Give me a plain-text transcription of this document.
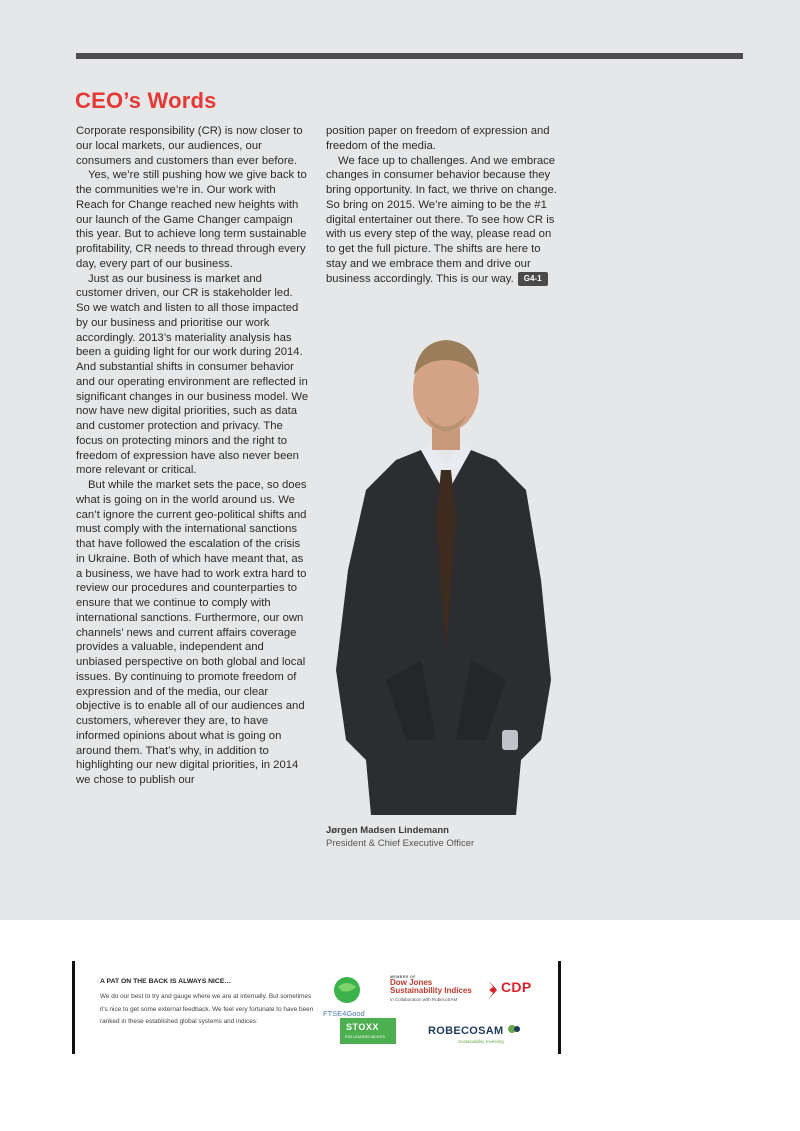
CEO’s Words

Corporate responsibility (CR) is now closer to our local markets, our audiences, our consumers and customers than ever before.

Yes, we’re still pushing how we give back to the communities we’re in. Our work with Reach for Change reached new heights with our launch of the Game Changer campaign this year. But to achieve long term sustainable profitability, CR needs to thread through every day, every part of our business.

Just as our business is market and customer driven, our CR is stakeholder led. So we watch and listen to all those impacted by our business and prioritise our work accordingly. 2013’s materiality analysis has been a guiding light for our work during 2014. And substantial shifts in consumer behavior and our operating environment are reflected in significant changes in our business model. We now have new digital priorities, such as data and customer protection and privacy. The focus on protecting minors and the right to freedom of expression have also never been more relevant or critical.

But while the market sets the pace, so does what is going on in the world around us. We can’t ignore the current geo-political shifts and must comply with the international sanctions that have followed the escalation of the crisis in Ukraine. Both of which have meant that, as a business, we have had to work extra hard to review our procedures and counterparties to ensure that we continue to comply with international sanctions. Furthermore, our own channels’ news and current affairs coverage provides a valuable, independent and unbiased perspective on both global and local issues. By continuing to promote freedom of expression and of the media, our clear objective is to enable all of our audiences and customers, wherever they are, to have informed opinions about what is going on around them. That’s why, in addition to highlighting our new digital priorities, in 2014 we chose to publish our

position paper on freedom of expression and freedom of the media.

We face up to challenges. And we embrace changes in consumer behavior because they bring opportunity. In fact, we thrive on change. So bring on 2015. We’re aiming to be the #1 digital entertainer out there. To see how CR is with us every step of the way, please read on to get the full picture. The shifts are here to stay and we embrace them and drive our business accordingly. This is our way. G4-1

Jørgen Madsen Lindemann
President & Chief Executive Officer
A PAT ON THE BACK IS ALWAYS NICE…
We do our best to try and gauge where we are at internally. But sometimes it’s nice to get some external feedback. We feel very fortunate to have been ranked in these established global systems and indices:
FTSE4Good
MEMBER OF
Dow Jones Sustainability Indices
In Collaboration with RobecoSAM
CDP
STOXX
ESG LEADERS INDICES	ROBECOSAM
Sustainability Investing
